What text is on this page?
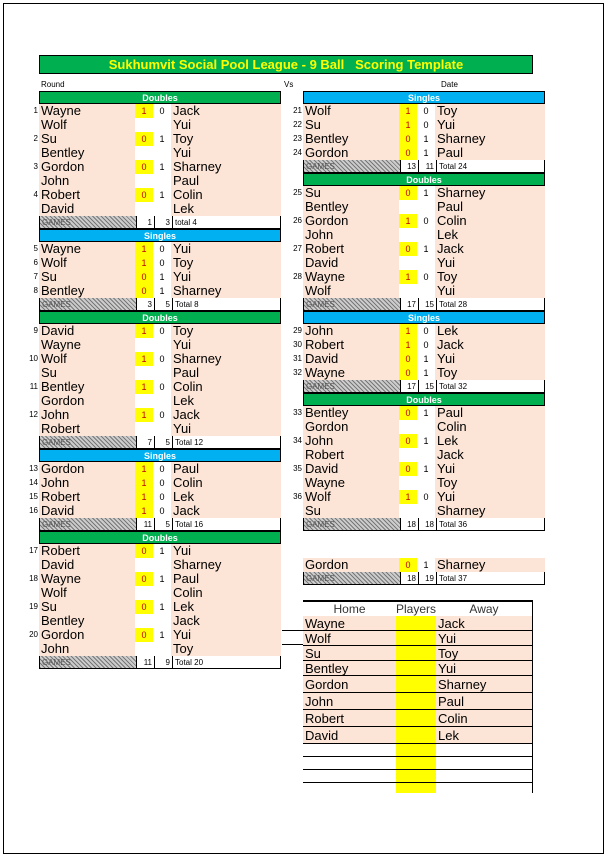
Sukhumvit Social Pool League - 9 Ball   Scoring Template
Round	Vs	Date
Home	Players	Away
Wayne	Jack
Wolf	Yui
Su	Toy
Bentley	Yui
Gordon	Sharney
John	Paul
Robert	Colin
David	Lek
Doubles
1 Wayne	1	0 Jack
Wolf	Yui
2 Su	0	1 Toy
Bentley	Yui
3 Gordon	0	1 Sharney
John	Paul
4 Robert	0	1 Colin
David	Lek
GAMES	1	3 total 4
Singles
5 Wayne	1	0 Yui
6 Wolf	1	0 Toy
7 Su	0	1 Yui
8 Bentley	0	1 Sharney
GAMES	3	5 Total 8
Doubles
9 David	1	0 Toy
Wayne	Yui
10 Wolf	1	0 Sharney
Su	Paul
11 Bentley	1	0 Colin
Gordon	Lek
12 John	1	0 Jack
Robert	Yui
GAMES	7	5 Total 12
Singles
13 Gordon	1	0 Paul
14 John	1	0 Colin
15 Robert	1	0 Lek
16 David	1	0 Jack
GAMES	11	5 Total 16
Doubles
17 Robert	0	1 Yui
David	Sharney
18 Wayne	0	1 Paul
Wolf	Colin
19 Su	0	1 Lek
Bentley	Jack
20 Gordon	0	1 Yui
John	Toy
GAMES	11	9 Total 20
Singles
21 Wolf	1	0 Toy
22 Su	1	0 Yui
23 Bentley	0	1 Sharney
24 Gordon	0	1 Paul
GAMES	13	11 Total 24
Doubles
25 Su	0	1 Sharney
Bentley	Paul
26 Gordon	1	0 Colin
John	Lek
27 Robert	0	1 Jack
David	Yui
28 Wayne	1	0 Toy
Wolf	Yui
GAMES	17	15 Total 28
Singles
29 John	1	0 Lek
30 Robert	1	0 Jack
31 David	0	1 Yui
32 Wayne	0	1 Toy
GAMES	17	15 Total 32
Doubles
33 Bentley	0	1 Paul
Gordon	Colin
34 John	0	1 Lek
Robert	Jack
35 David	0	1 Yui
Wayne	Toy
36 Wolf	1	0 Yui
Su	Sharney
GAMES	18	18 Total 36
Gordon	0	1 Sharney
GAMES	18	19 Total 37
